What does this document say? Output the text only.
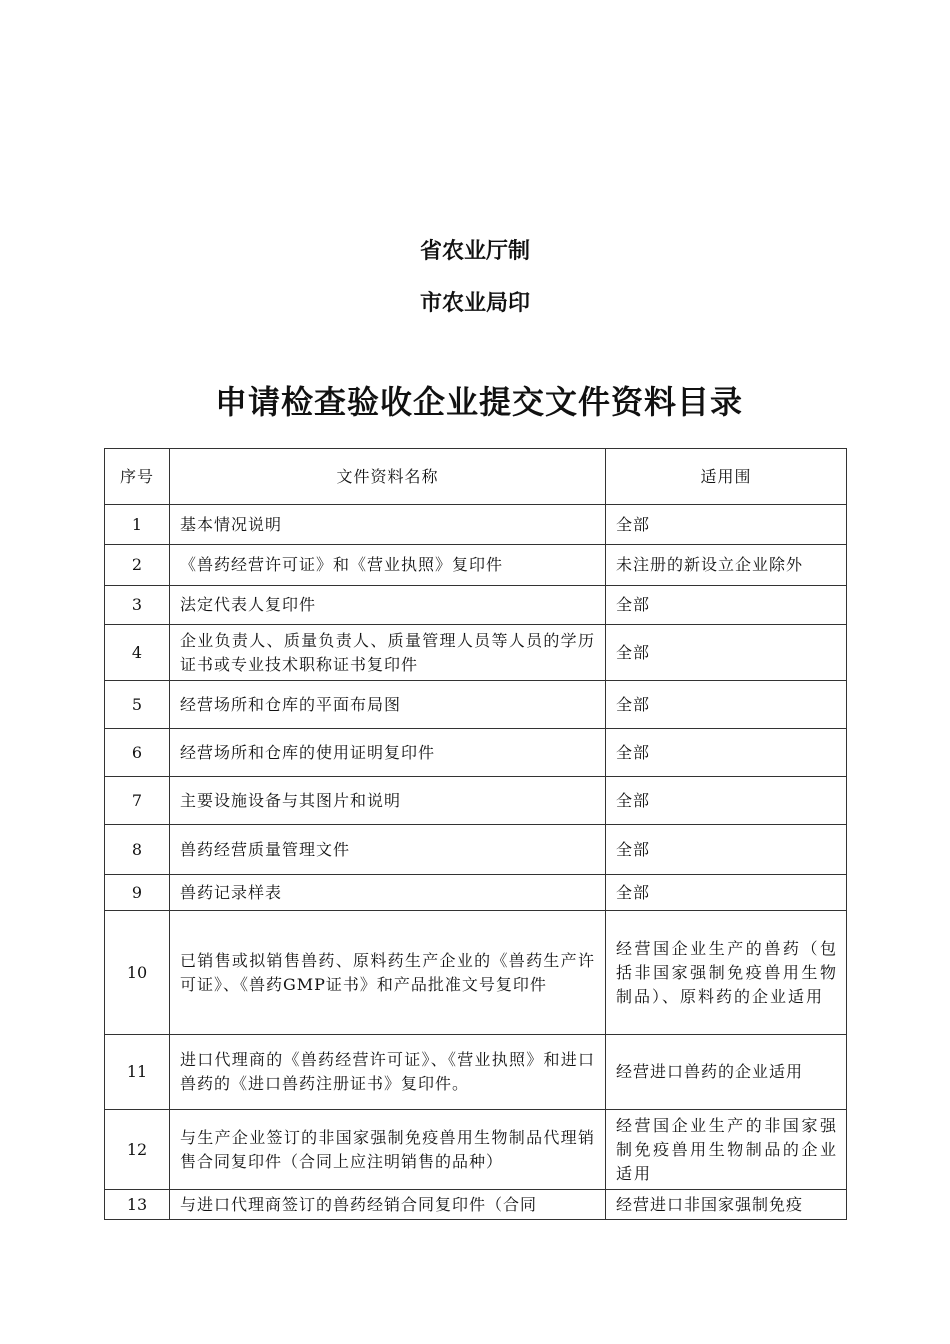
省农业厅制
市农业局印
申请检查验收企业提交文件资料目录
序号	文件资料名称	适用围
1	基本情况说明	全部
2	《兽药经营许可证》和《营业执照》复印件	未注册的新设立企业除外
3	法定代表人复印件	全部
4	企业负责人、质量负责人、质量管理人员等人员的学历证书或专业技术职称证书复印件	全部
5	经营场所和仓库的平面布局图	全部
6	经营场所和仓库的使用证明复印件	全部
7	主要设施设备与其图片和说明	全部
8	兽药经营质量管理文件	全部
9	兽药记录样表	全部
10	已销售或拟销售兽药、原料药生产企业的《兽药生产许可证》、《兽药GMP证书》和产品批准文号复印件	经营国企业生产的兽药（包括非国家强制免疫兽用生物制品）、原料药的企业适用
11	进口代理商的《兽药经营许可证》、《营业执照》和进口兽药的《进口兽药注册证书》复印件。	经营进口兽药的企业适用
12	与生产企业签订的非国家强制免疫兽用生物制品代理销售合同复印件（合同上应注明销售的品种）	经营国企业生产的非国家强制免疫兽用生物制品的企业适用
13	与进口代理商签订的兽药经销合同复印件（合同	经营进口非国家强制免疫
